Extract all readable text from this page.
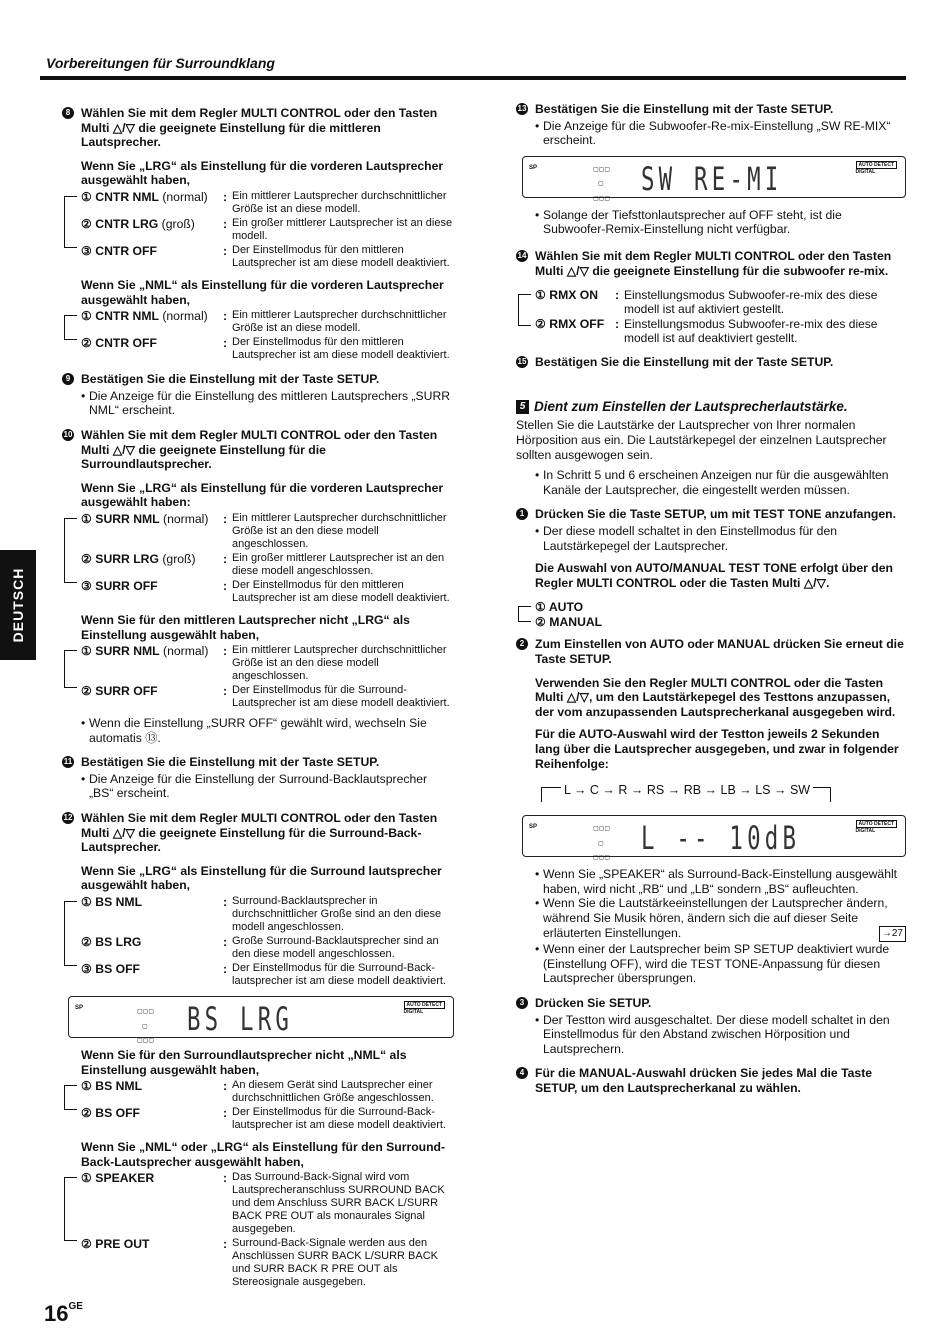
Vorbereitungen für Surroundklang
DEUTSCH
8 Wählen Sie mit dem Regler MULTI CONTROL oder den Tasten Multi △/▽ die geeignete Einstellung für die mittleren Lautsprecher.
Wenn Sie „LRG“ als Einstellung für die vorderen Lautsprecher ausgewählt haben,
① CNTR NML (normal)	: Ein mittlerer Lautsprecher durchschnittlicher Größe ist an diese modell.
② CNTR LRG (groß)	: Ein großer mittlerer Lautsprecher ist an diese modell.
③ CNTR OFF	: Der Einstellmodus für den mittleren Lautsprecher ist am diese modell deaktiviert.
Wenn Sie „NML“ als Einstellung für die vorderen Lautsprecher ausgewählt haben,
① CNTR NML (normal)	: Ein mittlerer Lautsprecher durchschnittlicher Größe ist an diese modell.
② CNTR OFF	: Der Einstellmodus für den mittleren Lautsprecher ist am diese modell deaktiviert.
9 Bestätigen Sie die Einstellung mit der Taste SETUP.
• Die Anzeige für die Einstellung des mittleren Lautsprechers „SURR NML“ erscheint.
10 Wählen Sie mit dem Regler MULTI CONTROL oder den Tasten Multi △/▽ die geeignete Einstellung für die Surroundlautsprecher.
Wenn Sie „LRG“ als Einstellung für die vorderen Lautsprecher ausgewählt haben:
① SURR NML (normal)	: Ein mittlerer Lautsprecher durchschnittlicher Größe ist an den diese modell angeschlossen.
② SURR LRG (groß)	: Ein großer mittlerer Lautsprecher ist an den diese modell angeschlossen.
③ SURR OFF	: Der Einstellmodus für den mittleren Lautsprecher ist am diese modell deaktiviert.
Wenn Sie für den mittleren Lautsprecher nicht „LRG“ als Einstellung ausgewählt haben,
① SURR NML (normal)	: Ein mittlerer Lautsprecher durchschnittlicher Größe ist an den diese modell angeschlossen.
② SURR OFF	: Der Einstellmodus für die Surround-Lautsprecher ist am diese modell deaktiviert.
• Wenn die Einstellung „SURR OFF“ gewählt wird, wechseln Sie automatis ⑬.
11 Bestätigen Sie die Einstellung mit der Taste SETUP.
• Die Anzeige für die Einstellung der Surround-Backlautsprecher „BS“ erscheint.
12 Wählen Sie mit dem Regler MULTI CONTROL oder den Tasten Multi △/▽ die geeignete Einstellung für die Surround-Back-Lautsprecher.
Wenn Sie „LRG“ als Einstellung für die Surround lautsprecher ausgewählt haben,
① BS NML	: Surround-Backlautsprecher in durchschnittlicher Große sind an den diese modell angeschlossen.
② BS LRG	: Große Surround-Backlautsprecher sind an den diese modell angeschlossen.
③ BS OFF	: Der Einstellmodus für die Surround-Back-lautsprecher ist am diese modell deaktiviert.
SP
▢▢▢
▢
▢▢▢
BS LRG	AUTO DETECT
DIGITAL
Wenn Sie für den Surroundlautsprecher nicht „NML“ als Einstellung ausgewählt haben,
① BS NML	: An diesem Gerät sind Lautsprecher einer durchschnittlichen Größe angeschlossen.
② BS OFF	: Der Einstellmodus für die Surround-Back-lautsprecher ist am diese modell deaktiviert.
Wenn Sie „NML“ oder „LRG“ als Einstellung für den Surround-Back-Lautsprecher ausgewählt haben,
① SPEAKER	: Das Surround-Back-Signal wird vom Lautsprecheranschluss SURROUND BACK und dem Anschluss SURR BACK L/SURR BACK PRE OUT als monaurales Signal ausgegeben.
② PRE OUT	: Surround-Back-Signale werden aus den Anschlüssen SURR BACK L/SURR BACK und SURR BACK R PRE OUT als Stereosignale ausgegeben.
13 Bestätigen Sie die Einstellung mit der Taste SETUP.
• Die Anzeige für die Subwoofer-Re-mix-Einstellung „SW RE-MIX“ erscheint.
SP	▢▢▢
▢
▢▢▢
SW RE-MI	AUTO DETECT
DIGITAL
• Solange der Tiefsttonlautsprecher auf OFF steht, ist die Subwoofer-Remix-Einstellung nicht verfügbar.
14 Wählen Sie mit dem Regler MULTI CONTROL oder den Tasten Multi △/▽ die geeignete Einstellung für die subwoofer re-mix.
① RMX ON	: Einstellungsmodus Subwoofer-re-mix des diese modell ist auf aktiviert gestellt.
② RMX OFF : Einstellungsmodus Subwoofer-re-mix des diese modell ist auf deaktiviert gestellt.
15 Bestätigen Sie die Einstellung mit der Taste SETUP.
5 Dient zum Einstellen der Lautsprecherlautstärke.

Stellen Sie die Lautstärke der Lautsprecher von Ihrer normalen Hörposition aus ein. Die Lautstärkepegel der einzelnen Lautsprecher sollten ausgewogen sein.

• In Schritt 5 und 6 erscheinen Anzeigen nur für die ausgewählten Kanäle der Lautsprecher, die eingestellt werden müssen.
1 Drücken Sie die Taste SETUP, um mit TEST TONE anzufangen.
• Der diese modell schaltet in den Einstellmodus für den Lautstärkepegel der Lautsprecher.
Die Auswahl von AUTO/MANUAL TEST TONE erfolgt über den Regler MULTI CONTROL oder die Tasten Multi △/▽.
① AUTO
② MANUAL
2 Zum Einstellen von AUTO oder MANUAL drücken Sie erneut die Taste SETUP.
Verwenden Sie den Regler MULTI CONTROL oder die Tasten Multi △/▽, um den Lautstärkepegel des Testtons anzupassen, der vom anzupassenden Lautsprecherkanal ausgegeben wird.
Für die AUTO-Auswahl wird der Testton jeweils 2 Sekunden lang über die Lautsprecher ausgegeben, und zwar in folgender Reihenfolge:
L → C → R → RS → RB → LB → LS → SW
SP	▢▢▢
▢
▢▢▢
L -- 10dB	AUTO DETECT
DIGITAL
• Wenn Sie „SPEAKER“ als Surround-Back-Einstellung ausgewählt haben, wird nicht „RB“ und „LB“ sondern „BS“ aufleuchten.
• Wenn Sie die Lautstärkeeinstellungen der Lautsprecher ändern, während Sie Musik hören, ändern sich die auf dieser Seite erläuterten Einstellungen.	→27
• Wenn einer der Lautsprecher beim SP SETUP deaktiviert wurde (Einstellung OFF), wird die TEST TONE-Anpassung für diesen Lautsprecher übersprungen.
3 Drücken Sie SETUP.
• Der Testton wird ausgeschaltet. Der diese modell schaltet in den Einstellmodus für den Abstand zwischen Hörposition und Lautsprechern.
4 Für die MANUAL-Auswahl drücken Sie jedes Mal die Taste SETUP, um den Lautsprecherkanal zu wählen.
$16^{GE}$
